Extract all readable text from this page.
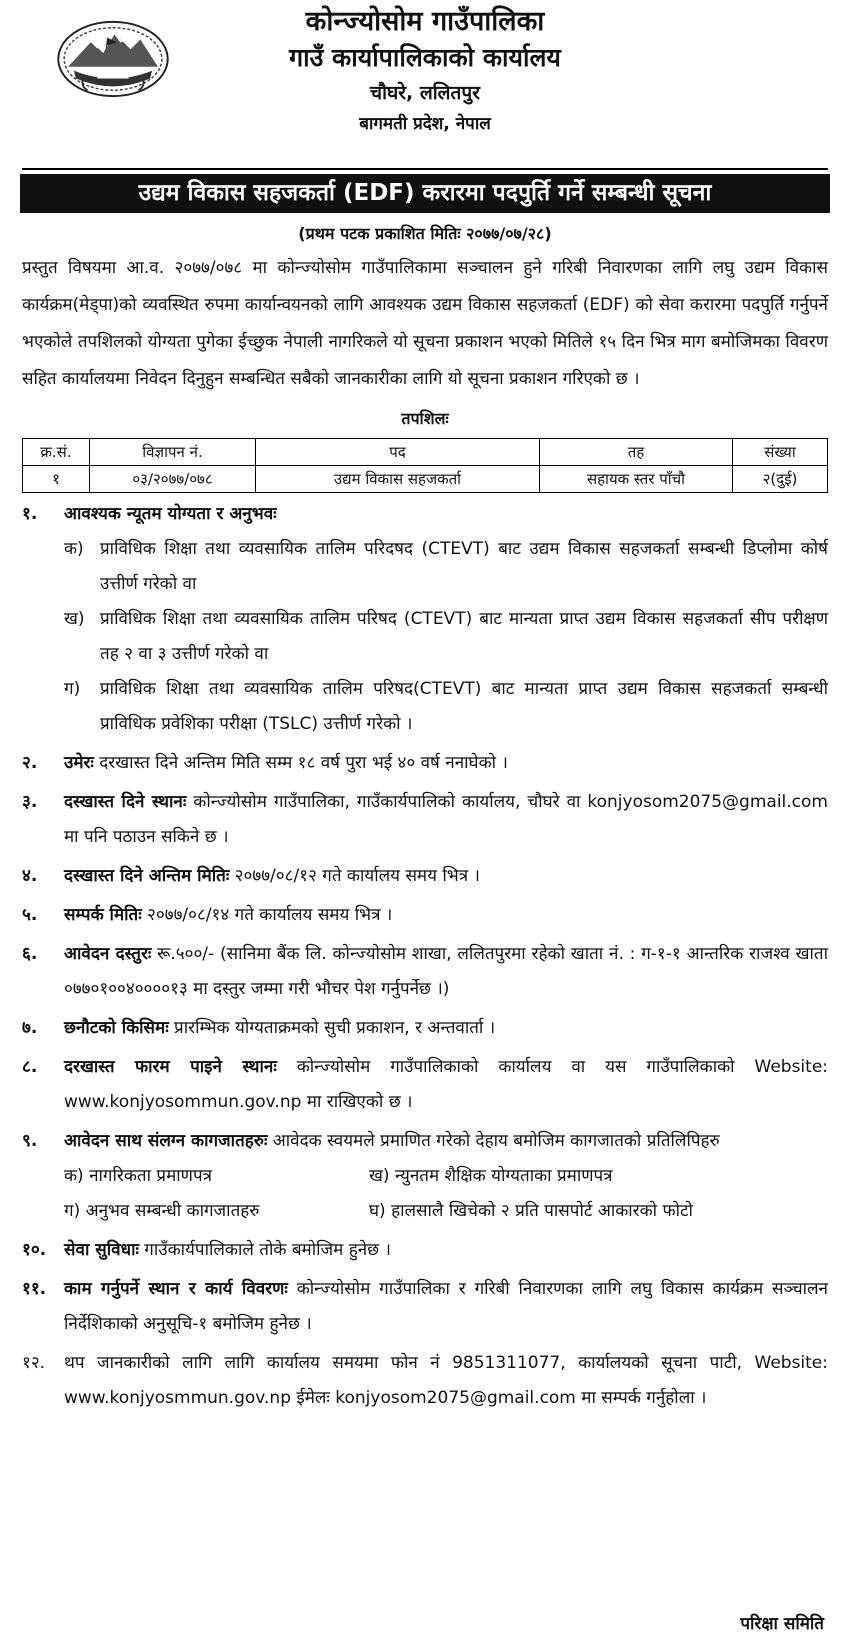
कोन्ज्योसोम गाउँपालिका

गाउँ कार्यापालिकाको कार्यालय

चौघरे, ललितपुर

बागमती प्रदेश, नेपाल

उद्यम विकास सहजकर्ता (EDF) करारमा पदपुर्ति गर्ने सम्बन्धी सूचना
(प्रथम पटक प्रकाशित मितिः २०७७/०७/२८)

प्रस्तुत विषयमा आ.व. २०७७/०७८ मा कोन्ज्योसोम गाउँपालिकामा सञ्चालन हुने गरिबी निवारणका लागि लघु उद्यम विकास कार्यक्रम(मेड्पा)को व्यवस्थित रुपमा कार्यान्वयनको लागि आवश्यक उद्यम विकास सहजकर्ता (EDF) को सेवा करारमा पदपुर्ति गर्नुपर्ने भएकोले तपशिलको योग्यता पुगेका ईच्छुक नेपाली नागरिकले यो सूचना प्रकाशन भएको मितिले १५ दिन भित्र माग बमोजिमका विवरण सहित कार्यालयमा निवेदन दिनुहुन सम्बन्धित सबैको जानकारीका लागि यो सूचना प्रकाशन गरिएको छ ।

तपशिलः
क्र.सं.	विज्ञापन नं.	पद	तह	संख्या
१	०३/२०७७/०७८	उद्यम विकास सहजकर्ता	सहायक स्तर पाँचौ	२(दुई)
१.	आवश्यक न्यूतम योग्यता र अनुभवः
क) प्राविधिक शिक्षा तथा व्यवसायिक तालिम परिदषद (CTEVT) बाट उद्यम विकास सहजकर्ता सम्बन्धी डिप्लोमा कोर्ष उत्तीर्ण गरेको वा
ख) प्राविधिक शिक्षा तथा व्यवसायिक तालिम परिषद (CTEVT) बाट मान्यता प्राप्त उद्यम विकास सहजकर्ता सीप परीक्षण तह २ वा ३ उत्तीर्ण गरेको वा
ग)	प्राविधिक शिक्षा तथा व्यवसायिक तालिम परिषद(CTEVT) बाट मान्यता प्राप्त उद्यम विकास सहजकर्ता सम्बन्धी प्राविधिक प्रवेशिका परीक्षा (TSLC) उत्तीर्ण गरेको ।
२.	उमेरः दरखास्त दिने अन्तिम मिति सम्म १८ वर्ष पुरा भई ४० वर्ष ननाघेको ।
३.	दस्खास्त दिने स्थानः कोन्ज्योसोम गाउँपालिका, गाउँकार्यपालिको कार्यालय, चौघरे वा konjyosom2075@gmail.com मा पनि पठाउन सकिने छ ।
४.	दस्खास्त दिने अन्तिम मितिः २०७७/०८/१२ गते कार्यालय समय भित्र ।
५.	सम्पर्क मितिः २०७७/०८/१४ गते कार्यालय समय भित्र ।
६.	आवेदन दस्तुरः रू.५००/- (सानिमा बैंक लि. कोन्ज्योसोम शाखा, ललितपुरमा रहेको खाता नं. : ग-१-१ आन्तरिक राजश्व खाता ०७७०१००४००००१३ मा दस्तुर जम्मा गरी भौचर पेश गर्नुपर्नेछ ।)
७.	छनौटको किसिमः प्रारम्भिक योग्यताक्रमको सुची प्रकाशन, र अन्तवार्ता ।
८.	दरखास्त फारम पाइने स्थानः कोन्ज्योसोम गाउँपालिकाको कार्यालय वा यस गाउँपालिकाको Website: www.konjyosommun.gov.np मा राखिएको छ ।
९.	आवेदन साथ संलग्न कागजातहरुः आवेदक स्वयमले प्रमाणित गरेको देहाय बमोजिम कागजातको प्रतिलिपिहरु
क) नागरिकता प्रमाणपत्र	ख) न्युनतम शैक्षिक योग्यताका प्रमाणपत्र
ग) अनुभव सम्बन्धी कागजातहरु	घ) हालसालै खिचेको २ प्रति पासपोर्ट आकारको फोटो
१०.	सेवा सुविधाः गाउँकार्यपालिकाले तोके बमोजिम हुनेछ ।
११.	काम गर्नुपर्ने स्थान र कार्य विवरणः कोन्ज्योसोम गाउँपालिका र गरिबी निवारणका लागि लघु विकास कार्यक्रम सञ्चालन निर्देशिकाको अनुसूचि-१ बमोजिम हुनेछ ।
१२.	थप जानकारीको लागि लागि कार्यालय समयमा फोन नं 9851311077, कार्यालयको सूचना पाटी, Website: www.konjyosmmun.gov.np ईमेलः konjyosom2075@gmail.com मा सम्पर्क गर्नुहोला ।
परिक्षा समिति
